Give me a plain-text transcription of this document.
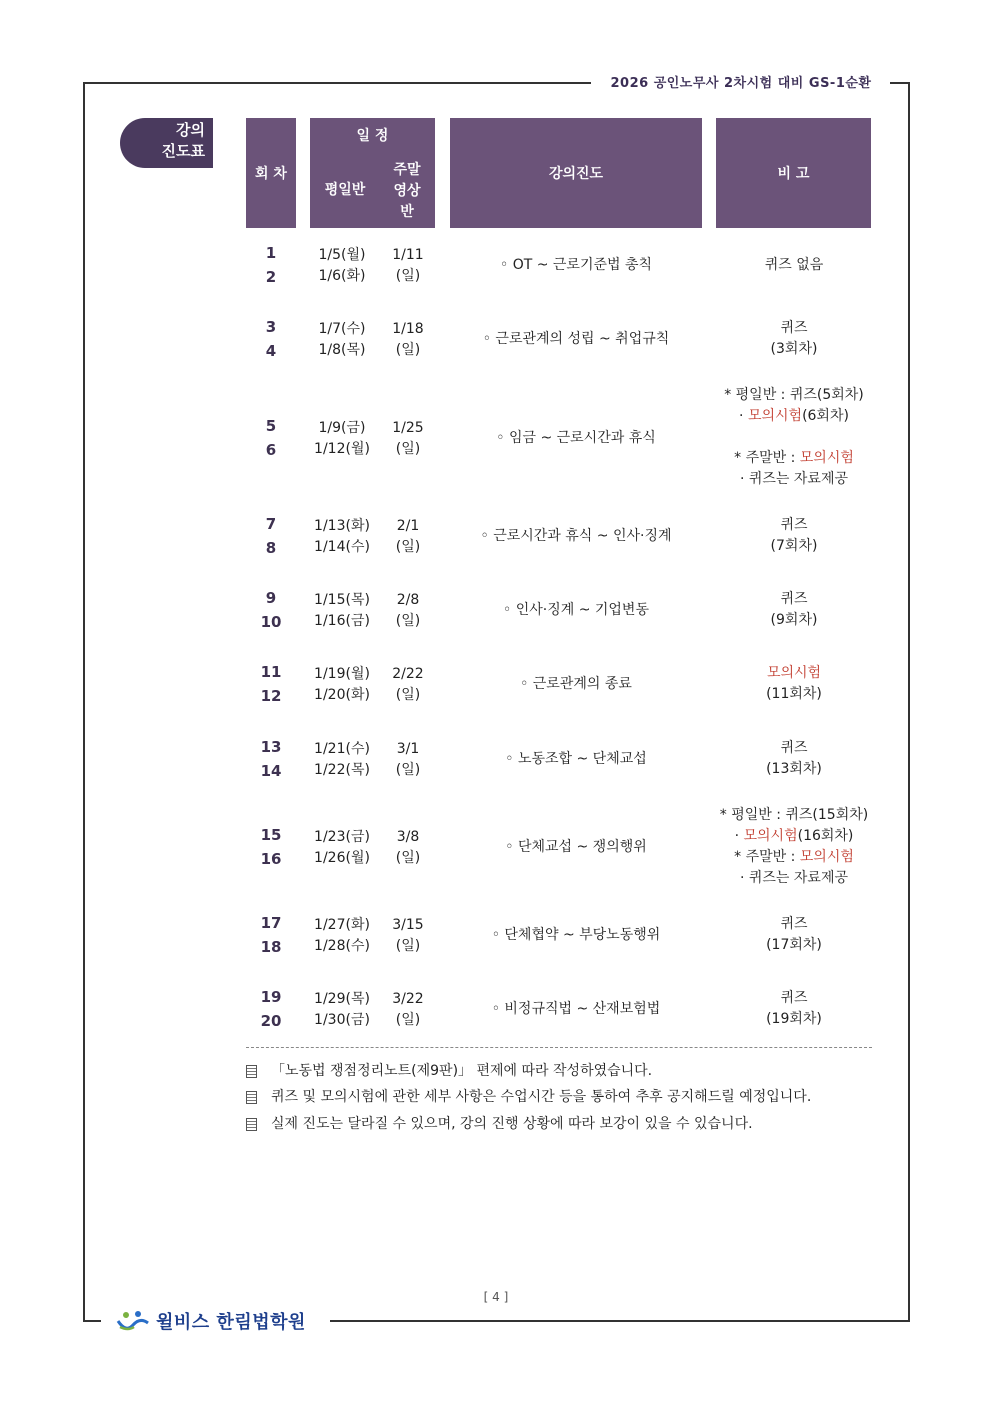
2026 공인노무사 2차시험 대비 GS-1순환
강의
진도표
회 차
일 정
평일반
주말
영상
반
강의진도	비 고
1
2
1/5(월)
1/6(화)
1/11
(일)
◦ OT ~ 근로기준법 총칙	퀴즈 없음
3
4
1/7(수)
1/8(목)
1/18
(일)
◦ 근로관계의 성립 ~ 취업규칙
퀴즈
(3회차)
5
6
1/9(금)
1/12(월)
1/25
(일)
◦ 임금 ~ 근로시간과 휴식
* 평일반 : 퀴즈(5회차)
· 모의시험(6회차)
* 주말반 : 모의시험
· 퀴즈는 자료제공
7
8
1/13(화)
1/14(수)
2/1
(일)
◦ 근로시간과 휴식 ~ 인사·징계
퀴즈
(7회차)
9
10
1/15(목)
1/16(금)
2/8
(일)
◦ 인사·징계 ~ 기업변동
퀴즈
(9회차)
11
12
1/19(월)
1/20(화)
2/22
(일)
◦ 근로관계의 종료
모의시험
(11회차)
13
14
1/21(수)
1/22(목)
3/1
(일)
◦ 노동조합 ~ 단체교섭
퀴즈
(13회차)
15
16
1/23(금)
1/26(월)
3/8
(일)
◦ 단체교섭 ~ 쟁의행위
* 평일반 : 퀴즈(15회차)
· 모의시험(16회차)
* 주말반 : 모의시험
· 퀴즈는 자료제공
17
18
1/27(화)
1/28(수)
3/15
(일)
◦ 단체협약 ~ 부당노동행위
퀴즈
(17회차)
19
20
1/29(목)
1/30(금)
3/22
(일)
◦ 비정규직법 ~ 산재보험법
퀴즈
(19회차)
「노동법 쟁점정리노트(제9판)」 편제에 따라 작성하였습니다.
퀴즈 및 모의시험에 관한 세부 사항은 수업시간 등을 통하여 추후 공지해드릴 예정입니다.
실제 진도는 달라질 수 있으며, 강의 진행 상황에 따라 보강이 있을 수 있습니다.
[ 4 ]
윌비스 한림법학원
